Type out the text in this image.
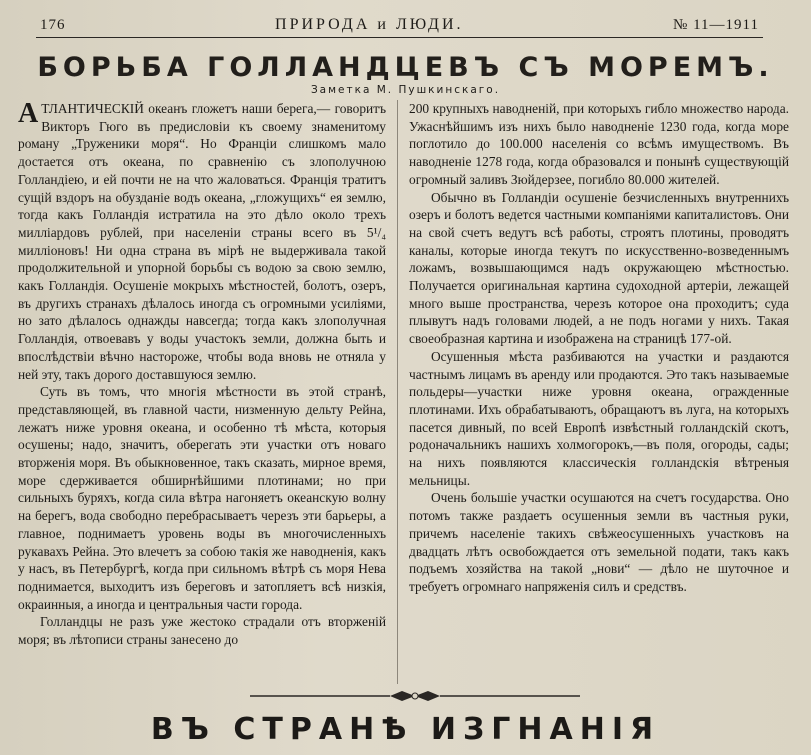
176	ПРИРОДА и ЛЮДИ.	№ 11—1911
БОРЬБА ГОЛЛАНДЦЕВЪ СЪ МОРЕМЪ.
Заметка М. Пушкинскаго.

АТЛАНТИЧЕСКIЙ океанъ гложетъ наши берега,— говоритъ Викторъ Гюго въ предисловiи къ своему знаменитому роману „Труженики моря“. Но Францiи слишкомъ мало достается отъ океана, по сравненiю съ злополучною Голландiею, и ей почти не на что жаловаться. Францiя тратитъ сущiй вздоръ на обузданiе водъ океана, „гложущихъ“ ея землю, тогда какъ Голландiя истратила на это дѣло около трехъ миллiардовъ рублей, при населенiи страны всего въ 5¹/₄ миллiоновъ! Ни одна страна въ мiрѣ не выдерживала такой продолжительной и упорной борьбы съ водою за свою землю, какъ Голландiя. Осушенiе мокрыхъ мѣстностей, болотъ, озеръ, въ другихъ странахъ дѣлалось иногда съ огромными усилiями, но зато дѣлалось однажды навсегда; тогда какъ злополучная Голландiя, отвоевавъ у воды участокъ земли, должна быть и впослѣдствiи вѣчно настороже, чтобы вода вновь не отняла у ней эту, такъ дорого доставшуюся землю.

Суть въ томъ, что многiя мѣстности въ этой странѣ, представляющей, въ главной части, низменную дельту Рейна, лежатъ ниже уровня океана, и особенно тѣ мѣста, которыя осушены; надо, значитъ, оберегать эти участки отъ новаго вторженiя моря. Въ обыкновенное, такъ сказать, мирное время, море сдерживается обширнѣйшими плотинами; но при сильныхъ буряхъ, когда сила вѣтра нагоняетъ океанскую волну на берегъ, вода свободно перебрасываетъ черезъ эти барьеры, а главное, поднимаетъ уровень воды въ многочисленныхъ рукавахъ Рейна. Это влечетъ за собою такiя же наводненiя, какъ у насъ, въ Петербургѣ, когда при сильномъ вѣтрѣ съ моря Нева поднимается, выходитъ изъ береговъ и затопляетъ всѣ низкiя, окраинныя, а иногда и центральныя части города.

Голландцы не разъ уже жестоко страдали отъ вторженiй моря; въ лѣтописи страны занесено до

200 крупныхъ наводненiй, при которыхъ гибло множество народа. Ужаснѣйшимъ изъ нихъ было наводненiе 1230 года, когда море поглотило до 100.000 населенiя со всѣмъ имуществомъ. Въ наводненiе 1278 года, когда образовался и понынѣ существующiй огромный заливъ Зюйдерзее, погибло 80.000 жителей.

Обычно въ Голландiи осушенiе безчисленныхъ внутреннихъ озеръ и болотъ ведется частными компанiями капиталистовъ. Они на свой счетъ ведутъ всѣ работы, строятъ плотины, проводятъ каналы, которые иногда текутъ по искусственно-возведеннымъ ложамъ, возвышающимся надъ окружающею мѣстностью. Получается оригинальная картина судоходной артерiи, лежащей много выше пространства, черезъ которое она проходитъ; суда плывутъ надъ головами людей, а не подъ ногами у нихъ. Такая своеобразная картина и изображена на страницѣ 177-ой.

Осушенныя мѣста разбиваются на участки и раздаются частнымъ лицамъ въ аренду или продаются. Это такъ называемые польдеры—участки ниже уровня океана, огражденные плотинами. Ихъ обрабатываютъ, обращаютъ въ луга, на которыхъ пасется дивный, по всей Европѣ извѣстный голландскiй скотъ, родоначальникъ нашихъ холмогорокъ,—въ поля, огороды, сады; на нихъ появляются классическiя голландскiя вѣтреныя мельницы.

Очень большiе участки осушаются на счетъ государства. Оно потомъ также раздаетъ осушенныя земли въ частныя руки, причемъ населенiе такихъ свѣжеосушенныхъ участковъ на двадцать лѣтъ освобождается отъ земельной подати, такъ какъ подъемъ хозяйства на такой „нови“ — дѣло не шуточное и требуетъ огромнаго напряженiя силъ и средствъ.

ВЪ СТРАНѢ ИЗГНАНIЯ
